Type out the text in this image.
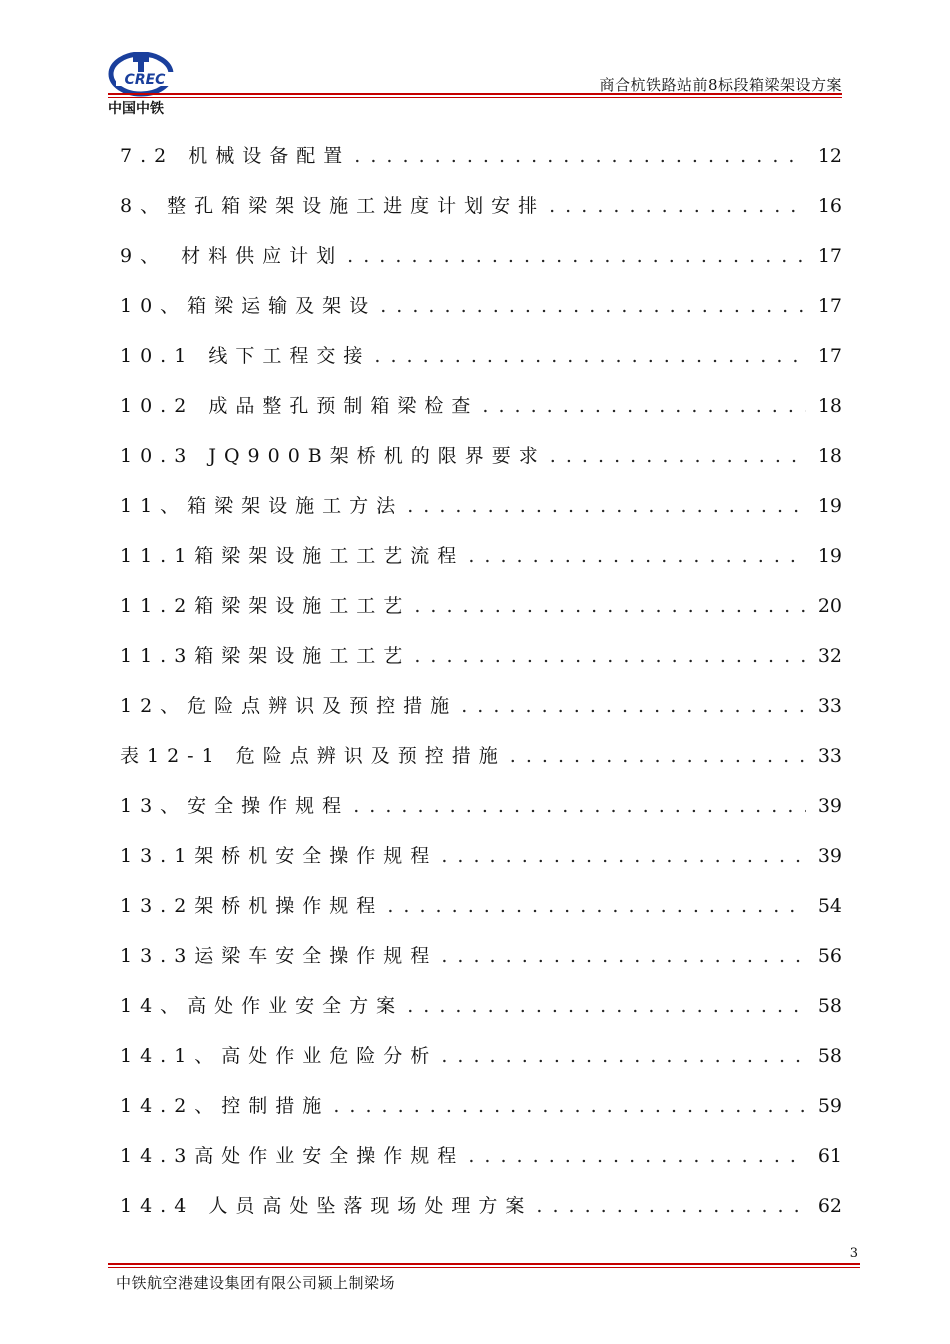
CREC
中国中铁
商合杭铁路站前8标段箱梁架设方案
7.2 机械设备配置 . . .	12
8、整孔箱梁架设施工进度计划安排 . . .	16
9、 材料供应计划 . . .	17
10、箱梁运输及架设 . . .	17
10.1 线下工程交接 . . .	17
10.2 成品整孔预制箱梁检查 . . .	18
10.3 JQ900B架桥机的限界要求 . . .	18
11、箱梁架设施工方法 . . .	19
11.1箱梁架设施工工艺流程 . . .	19
11.2箱梁架设施工工艺 . . .	20
11.3箱梁架设施工工艺 . . .	32
12、危险点辨识及预控措施 . . .	33
表12-1 危险点辨识及预控措施 . . .	33
13、安全操作规程 . . .	39
13.1架桥机安全操作规程 . . .	39
13.2架桥机操作规程 . . .	54
13.3运梁车安全操作规程 . . .	56
14、高处作业安全方案 . . .	58
14.1、高处作业危险分析 . . .	58
14.2、控制措施 . . .	59
14.3高处作业安全操作规程 . . .	61
14.4 人员高处坠落现场处理方案 . . .	62
3
中铁航空港建设集团有限公司颍上制梁场
